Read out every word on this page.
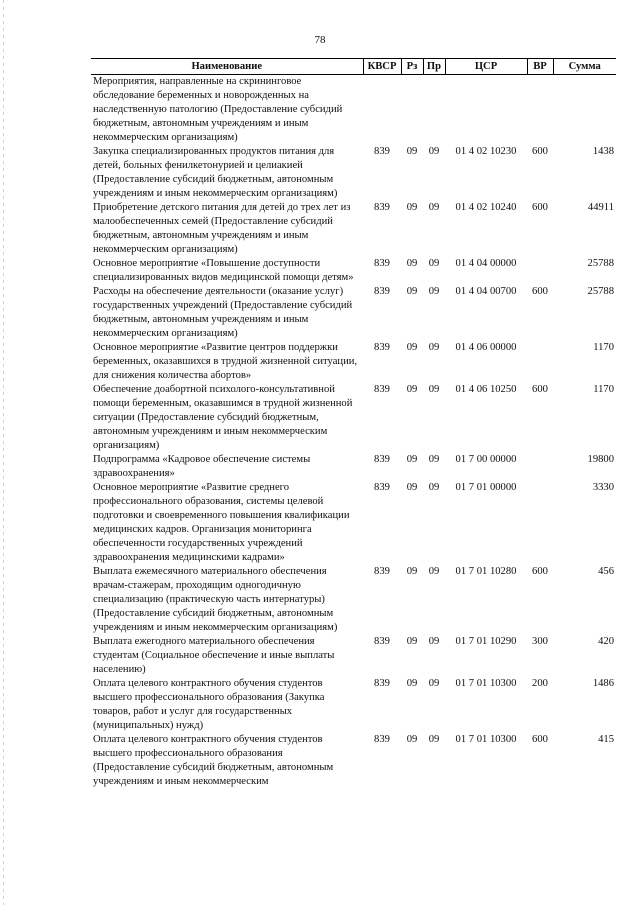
78
Наименование	КВСР	Рз	Пр	ЦСР	ВР	Сумма
Мероприятия, направленные на скрининговое обследование беременных и новорожденных на наследственную патологию (Предоставление субсидий бюджетным, автономным учреждениям и иным некоммерческим организациям)						
Закупка специализированных продуктов питания для детей, больных фенилкетонурией и целиакией (Предоставление субсидий бюджетным, автономным учреждениям и иным некоммерческим организациям)	839	09	09	01 4 02 10230	600	1438
Приобретение детского питания для детей до трех лет из малообеспеченных семей (Предоставление субсидий бюджетным, автономным учреждениям и иным некоммерческим организациям)	839	09	09	01 4 02 10240	600	44911
Основное мероприятие «Повышение доступности специализированных видов медицинской помощи детям»	839	09	09	01 4 04 00000		25788
Расходы на обеспечение деятельности (оказание услуг) государственных учреждений (Предоставление субсидий бюджетным, автономным учреждениям и иным некоммерческим организациям)	839	09	09	01 4 04 00700	600	25788
Основное мероприятие «Развитие центров поддержки беременных, оказавшихся в трудной жизненной ситуации, для снижения количества абортов»	839	09	09	01 4 06 00000		1170
Обеспечение доабортной психолого-консультативной помощи беременным, оказавшимся в трудной жизненной ситуации (Предоставление субсидий бюджетным, автономным учреждениям и иным некоммерческим организациям)	839	09	09	01 4 06 10250	600	1170
Подпрограмма «Кадровое обеспечение системы здравоохранения»	839	09	09	01 7 00 00000		19800
Основное мероприятие «Развитие среднего профессионального образования, системы целевой подготовки и своевременного повышения квалификации медицинских кадров. Организация мониторинга обеспеченности государственных учреждений здравоохранения медицинскими кадрами»	839	09	09	01 7 01 00000		3330
Выплата ежемесячного материального обеспечения врачам-стажерам, проходящим одногодичную специализацию (практическую часть интернатуры) (Предоставление субсидий бюджетным, автономным учреждениям и иным некоммерческим организациям)	839	09	09	01 7 01 10280	600	456
Выплата ежегодного материального обеспечения студентам (Социальное обеспечение и иные выплаты населению)	839	09	09	01 7 01 10290	300	420
Оплата целевого контрактного обучения студентов высшего профессионального образования (Закупка товаров, работ и услуг для государственных (муниципальных) нужд)	839	09	09	01 7 01 10300	200	1486
Оплата целевого контрактного обучения студентов высшего профессионального образования (Предоставление субсидий бюджетным, автономным учреждениям и иным некоммерческим	839	09	09	01 7 01 10300	600	415
